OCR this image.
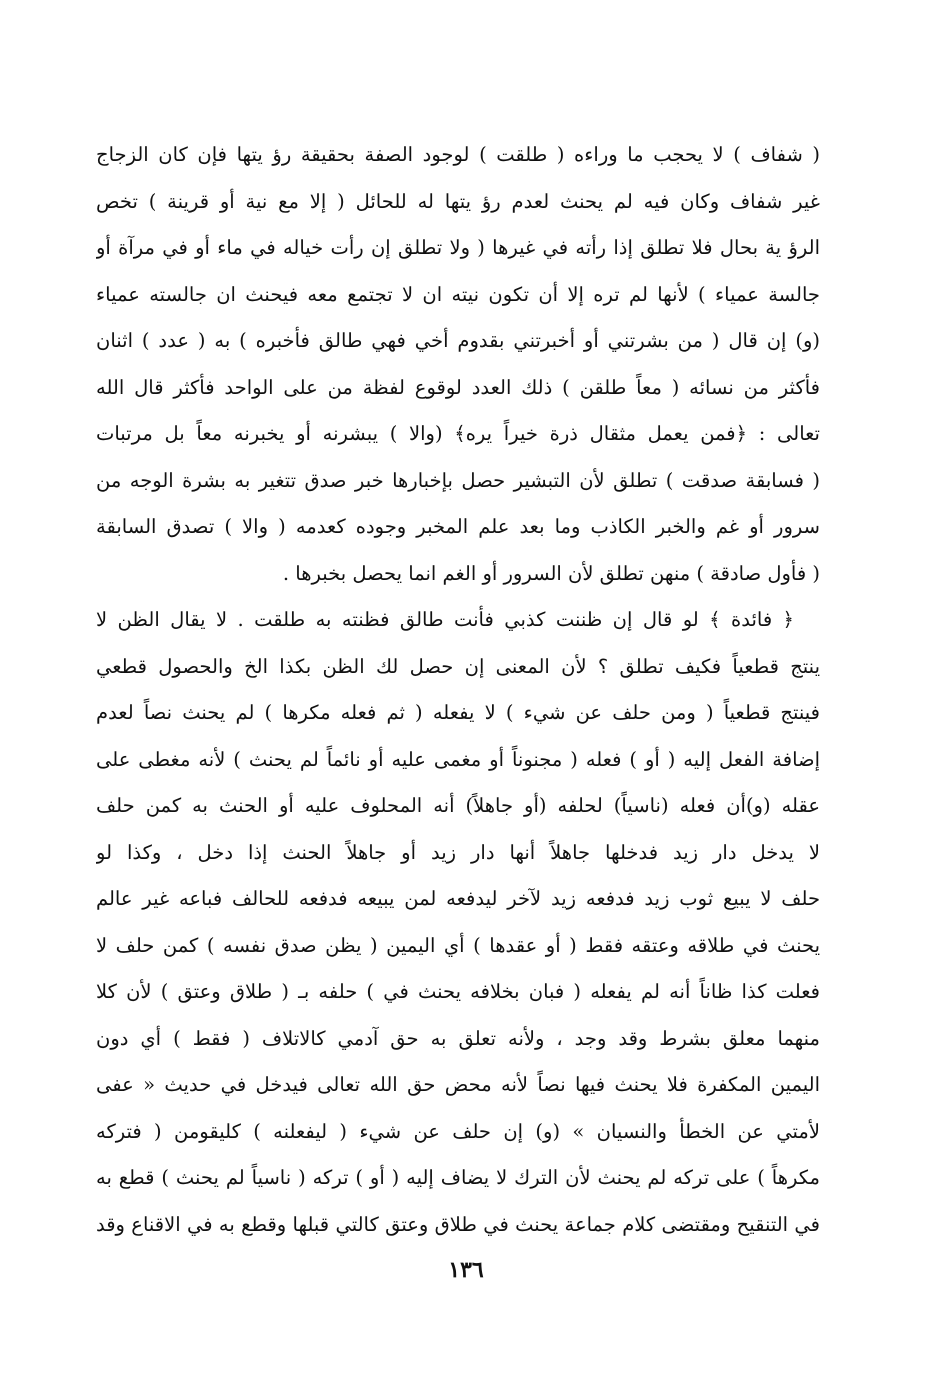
( شفاف ) لا يحجب ما وراءه ( طلقت ) لوجود الصفة بحقيقة رؤ يتها فإن كان الزجاج
غير شفاف وكان فيه لم يحنث لعدم رؤ يتها له للحائل ( إلا مع نية أو قرينة ) تخص
الرؤ ية بحال فلا تطلق إذا رأته في غيرها ( ولا تطلق إن رأت خياله في ماء أو في مرآة أو
جالسة عمياء ) لأنها لم تره إلا أن تكون نيته ان لا تجتمع معه فيحنث ان جالسته عمياء
(و) إن قال ( من بشرتني أو أخبرتني بقدوم أخي فهي طالق فأخبره ) به ( عدد ) اثنان
فأكثر من نسائه ( معاً طلقن ) ذلك العدد لوقوع لفظة من على الواحد فأكثر قال الله
تعالى : ﴿فمن يعمل مثقال ذرة خيراً يره﴾ (والا ) يبشرنه أو يخبرنه معاً بل مرتبات
( فسابقة صدقت ) تطلق لأن التبشير حصل بإخبارها خبر صدق تتغير به بشرة الوجه من
سرور أو غم والخبر الكاذب وما بعد علم المخبر وجوده كعدمه ( والا ) تصدق السابقة
( فأول صادقة ) منهن تطلق لأن السرور أو الغم انما يحصل بخبرها .
﴿ فائدة ﴾ لو قال إن ظننت كذبي فأنت طالق فظنته به طلقت . لا يقال الظن لا
ينتج قطعياً فكيف تطلق ؟ لأن المعنى إن حصل لك الظن بكذا الخ والحصول قطعي
فينتج قطعياً ( ومن حلف عن شيء ) لا يفعله ( ثم فعله مكرها ) لم يحنث نصاً لعدم
إضافة الفعل إليه ( أو ) فعله ( مجنوناً أو مغمى عليه أو نائماً لم يحنث ) لأنه مغطى على
عقله (و)أن فعله (ناسياً) لحلفه (أو جاهلاً) أنه المحلوف عليه أو الحنث به كمن حلف
لا يدخل دار زيد فدخلها جاهلاً أنها دار زيد أو جاهلاً الحنث إذا دخل ، وكذا لو
حلف لا يبيع ثوب زيد فدفعه زيد لآخر ليدفعه لمن يبيعه فدفعه للحالف فباعه غير عالم
يحنث في طلاقه وعتقه فقط ( أو عقدها ) أي اليمين ( يظن صدق نفسه ) كمن حلف لا
فعلت كذا ظاناً أنه لم يفعله ( فبان بخلافه يحنث في ) حلفه بـ ( طلاق وعتق ) لأن كلا
منهما معلق بشرط وقد وجد ، ولأنه تعلق به حق آدمي كالاتلاف ( فقط ) أي دون
اليمين المكفرة فلا يحنث فيها نصاً لأنه محض حق الله تعالى فيدخل في حديث « عفى
لأمتي عن الخطأ والنسيان » (و) إن حلف عن شيء ( ليفعلنه ) كليقومن ( فتركه
مكرهاً ) على تركه لم يحنث لأن الترك لا يضاف إليه ( أو ) تركه ( ناسياً لم يحنث ) قطع به
في التنقيح ومقتضى كلام جماعة يحنث في طلاق وعتق كالتي قبلها وقطع به في الاقناع وقد
١٣٦
